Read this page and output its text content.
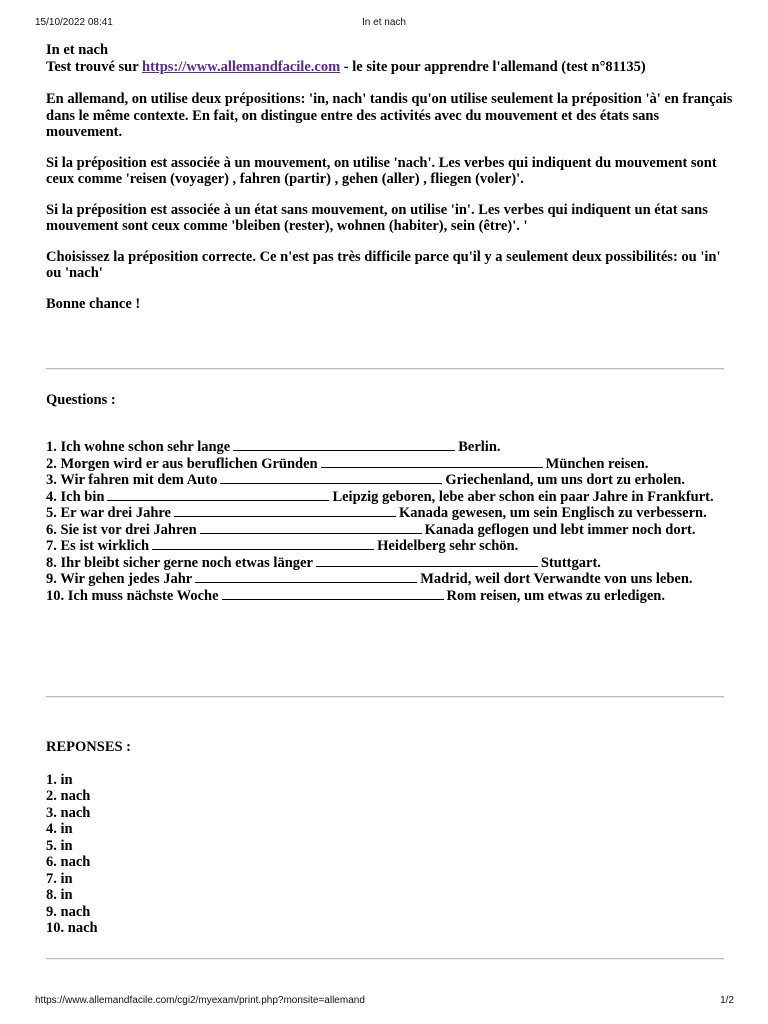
15/10/2022 08:41	In et nach

In et nach

Test trouvé sur https://www.allemandfacile.com - le site pour apprendre l'allemand (test n°81135)

En allemand, on utilise deux prépositions: 'in, nach' tandis qu'on utilise seulement la préposition 'à' en français dans le même contexte. En fait, on distingue entre des activités avec du mouvement et des états sans mouvement.

Si la préposition est associée à un mouvement, on utilise 'nach'. Les verbes qui indiquent du mouvement sont ceux comme 'reisen (voyager) , fahren (partir) , gehen (aller) , fliegen (voler)'.

Si la préposition est associée à un état sans mouvement, on utilise 'in'. Les verbes qui indiquent un état sans mouvement sont ceux comme 'bleiben (rester), wohnen (habiter), sein (être)'. '

Choisissez la préposition correcte. Ce n'est pas très difficile parce qu'il y a seulement deux possibilités: ou 'in' ou 'nach'

Bonne chance !

Questions :

1. Ich wohne schon sehr lange	Berlin.

2. Morgen wird er aus beruflichen Gründen	München reisen.

3. Wir fahren mit dem Auto	Griechenland, um uns dort zu erholen.

4. Ich bin	Leipzig geboren, lebe aber schon ein paar Jahre in Frankfurt.

5. Er war drei Jahre	Kanada gewesen, um sein Englisch zu verbessern.

6. Sie ist vor drei Jahren	Kanada geflogen und lebt immer noch dort.

7. Es ist wirklich	Heidelberg sehr schön.

8. Ihr bleibt sicher gerne noch etwas länger	Stuttgart.

9. Wir gehen jedes Jahr	Madrid, weil dort Verwandte von uns leben.

10. Ich muss nächste Woche	Rom reisen, um etwas zu erledigen.

REPONSES :

1. in

2. nach

3. nach

4. in

5. in

6. nach

7. in

8. in

9. nach

10. nach

https://www.allemandfacile.com/cgi2/myexam/print.php?monsite=allemand	1/2
